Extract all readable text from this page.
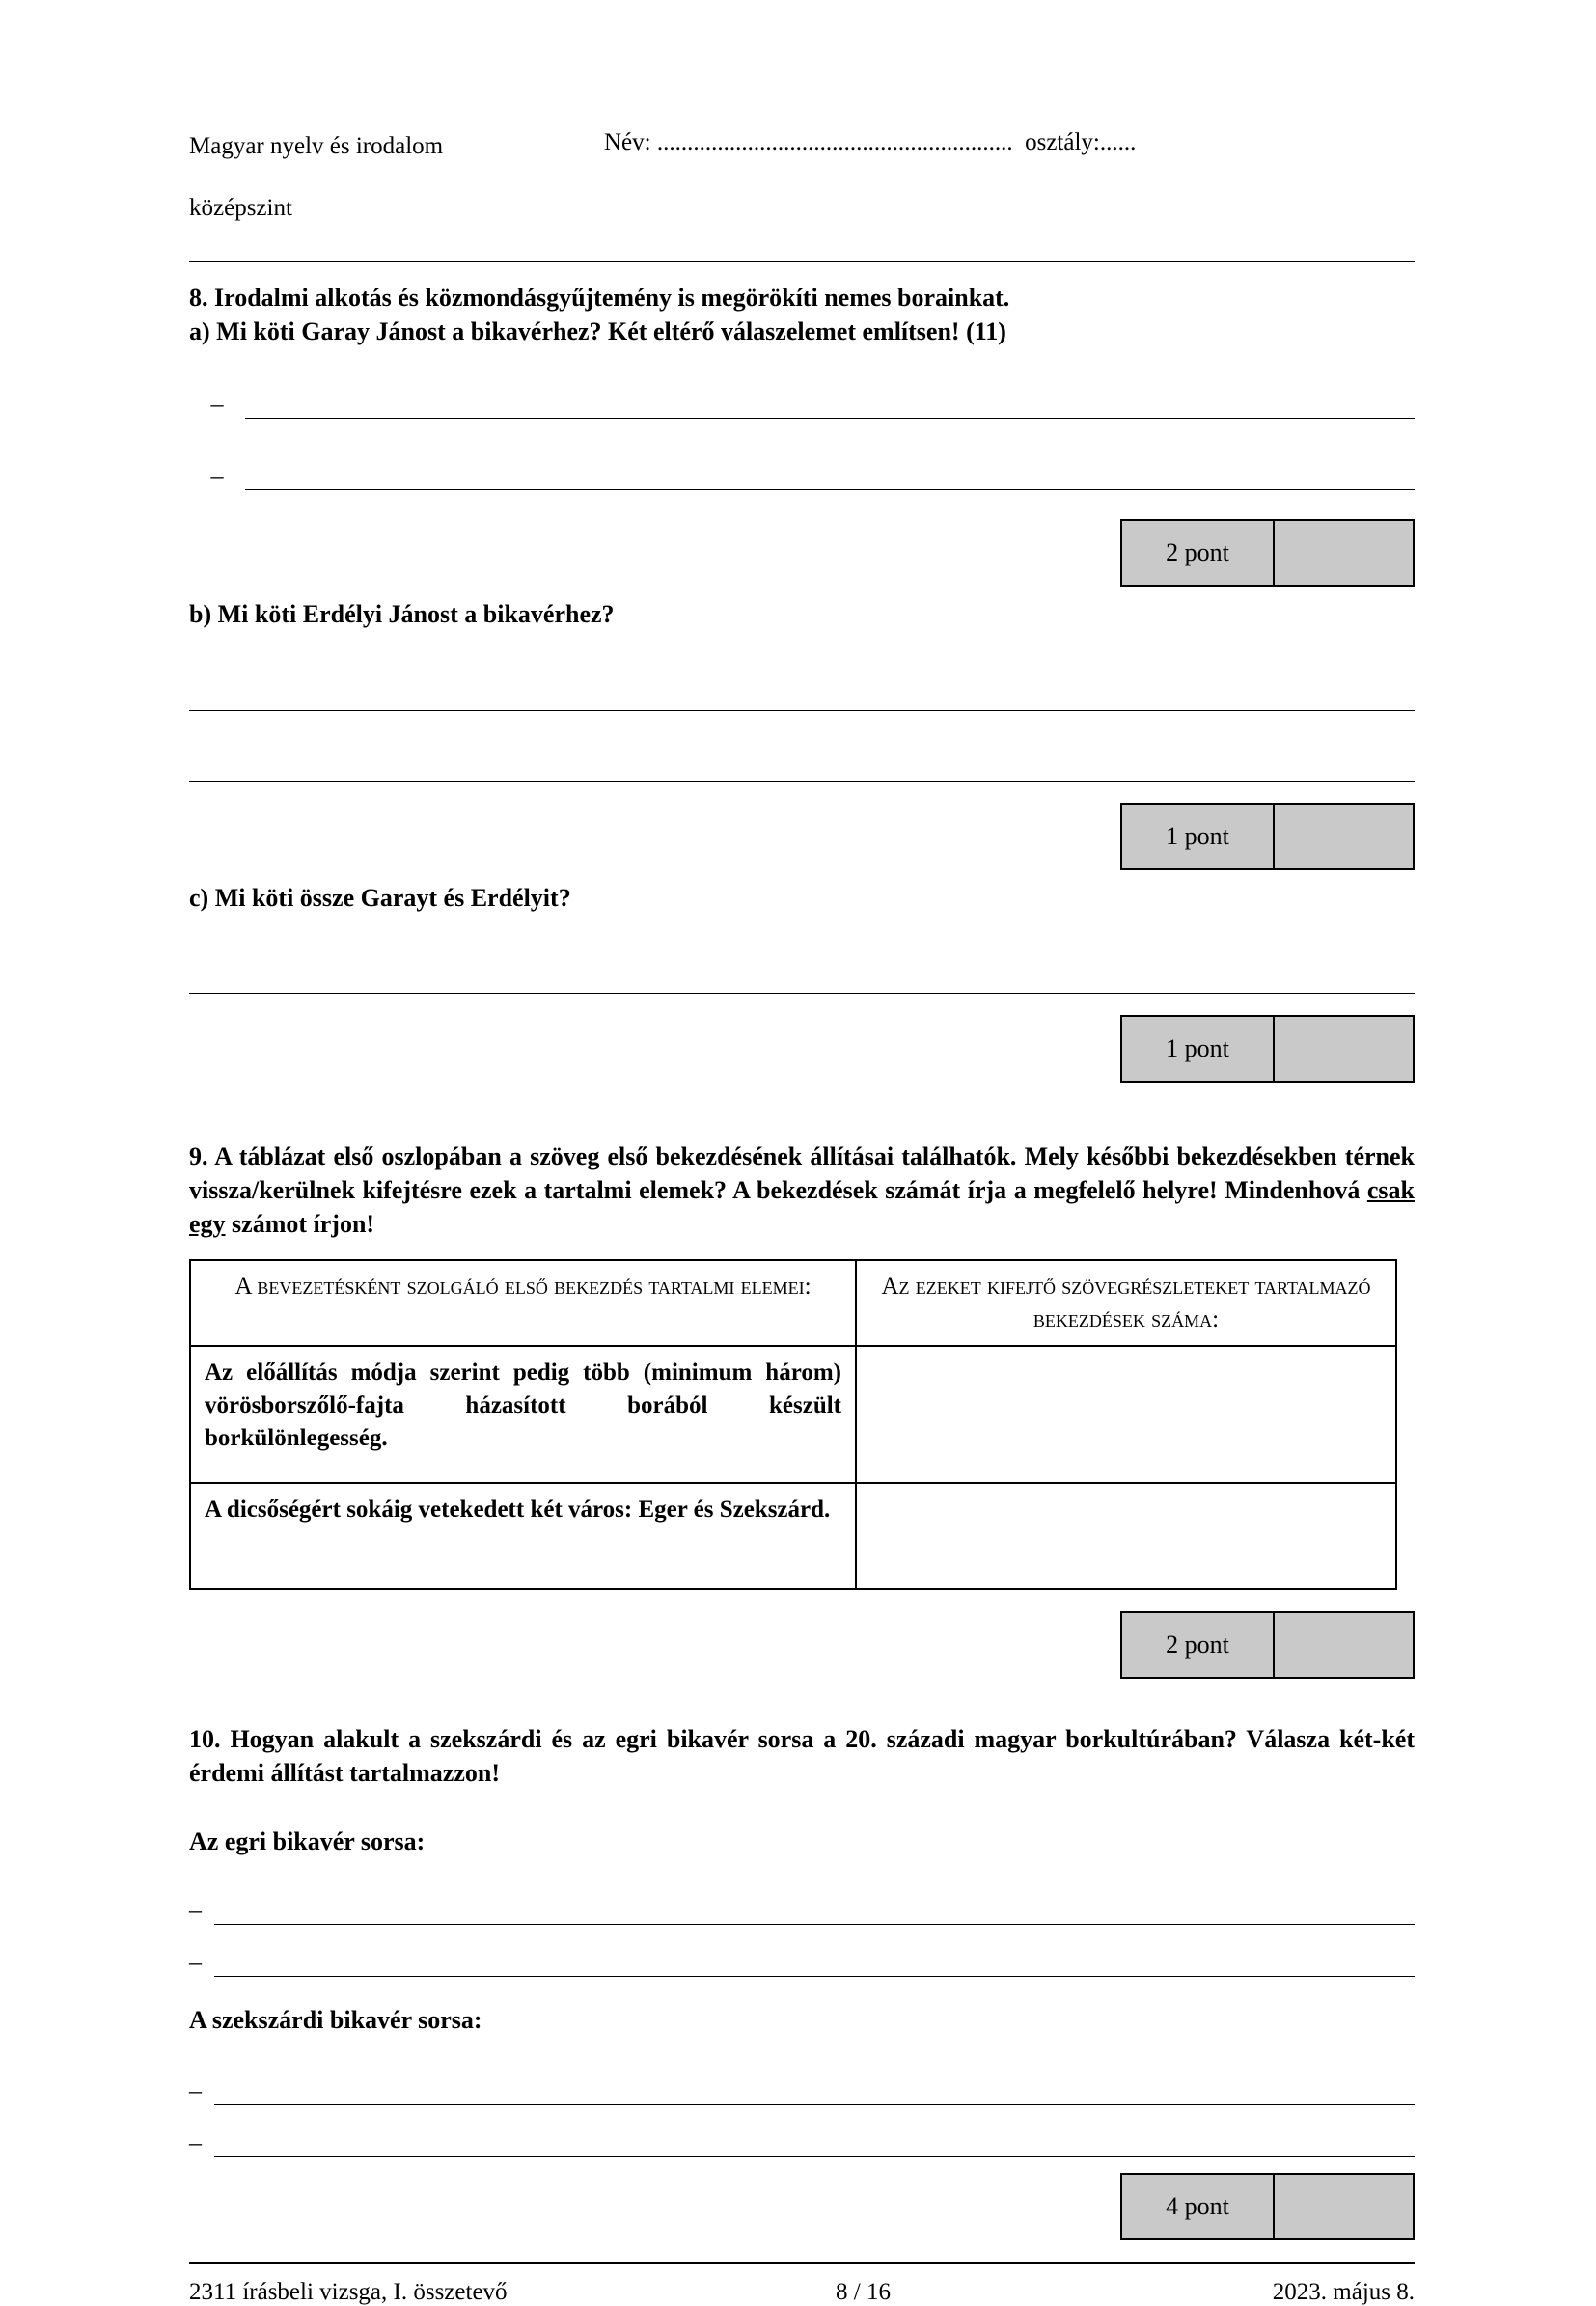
Magyar nyelv és irodalom

középszint

Név: ...........................................................  osztály:......
8. Irodalmi alkotás és közmondásgyűjtemény is megörökíti nemes borainkat.
a) Mi köti Garay Jánost a bikavérhez? Két eltérő válaszelemet említsen! (11)
–
–
2 pont
b) Mi köti Erdélyi Jánost a bikavérhez?
1 pont
c) Mi köti össze Garayt és Erdélyit?
1 pont
9. A táblázat első oszlopában a szöveg első bekezdésének állításai találhatók. Mely későbbi bekezdésekben térnek vissza/kerülnek kifejtésre ezek a tartalmi elemek? A bekezdések számát írja a megfelelő helyre! Mindenhová csak egy számot írjon!
A bevezetésként szolgáló első bekezdés tartalmi elemei:	Az ezeket kifejtő szövegrészleteket tartalmazó bekezdések száma:
Az előállítás módja szerint pedig több (minimum három) vörösborszőlő-fajta házasított borából készült borkülönlegesség.	
A dicsőségért sokáig vetekedett két város: Eger és Szekszárd.	
2 pont
10. Hogyan alakult a szekszárdi és az egri bikavér sorsa a 20. századi magyar borkultúrában? Válasza két-két érdemi állítást tartalmazzon!
Az egri bikavér sorsa:
–
–
A szekszárdi bikavér sorsa:
–
–
4 pont
2311 írásbeli vizsga, I. összetevő	8 / 16	2023. május 8.
